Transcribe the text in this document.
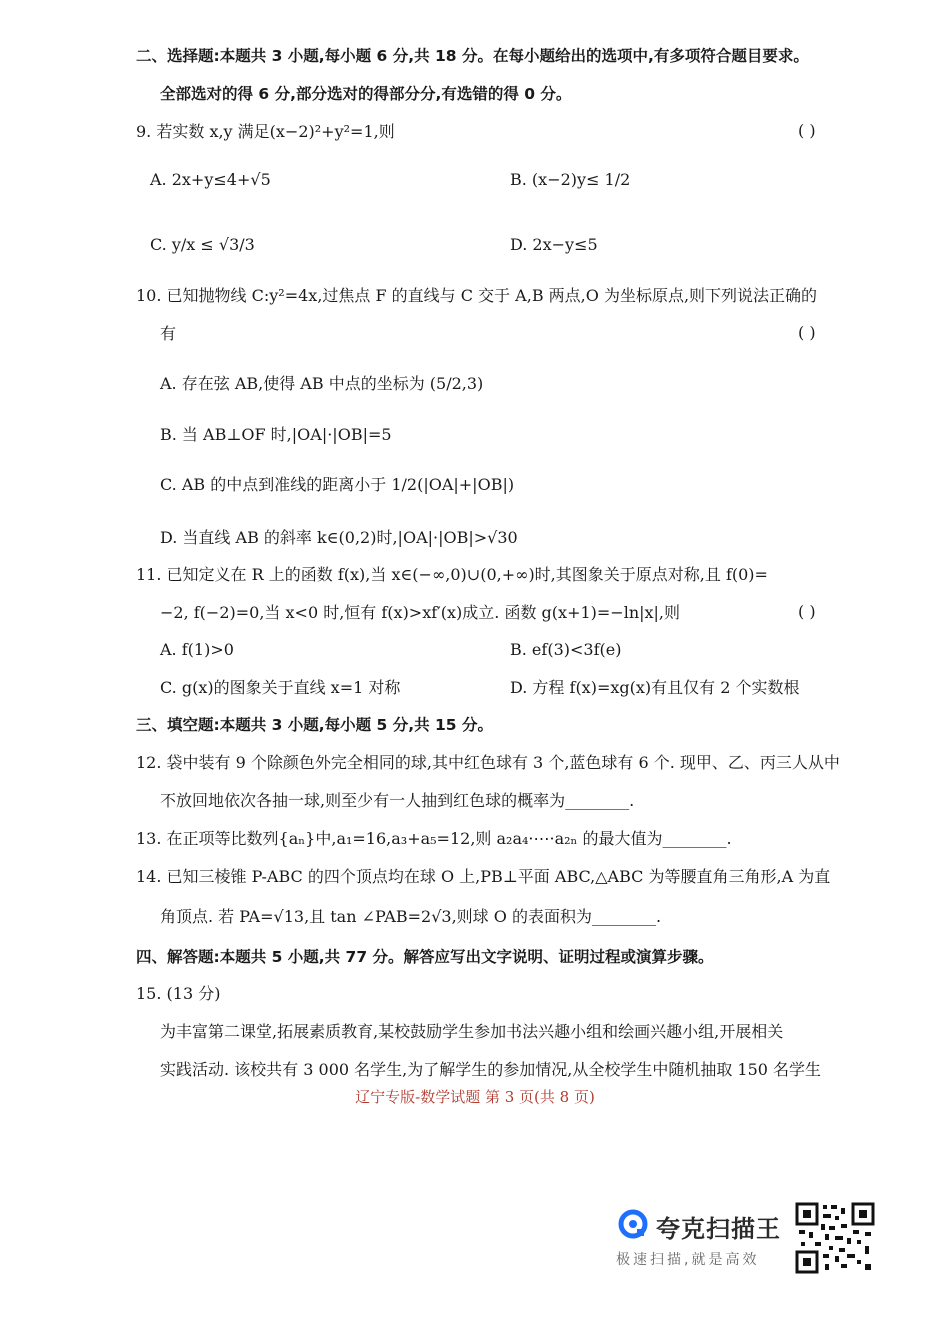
二、选择题:本题共 3 小题,每小题 6 分,共 18 分。在每小题给出的选项中,有多项符合题目要求。
全部选对的得 6 分,部分选对的得部分分,有选错的得 0 分。
9. 若实数 x,y 满足(x−2)²+y²=1,则	( )
A. 2x+y≤4+√5	B. (x−2)y≤ 1/2
C. y/x ≤ √3/3	D. 2x−y≤5
10. 已知抛物线 C:y²=4x,过焦点 F 的直线与 C 交于 A,B 两点,O 为坐标原点,则下列说法正确的
有	( )
A. 存在弦 AB,使得 AB 中点的坐标为 (5/2,3)
B. 当 AB⊥OF 时,|OA|·|OB|=5
C. AB 的中点到准线的距离小于 1/2(|OA|+|OB|)
D. 当直线 AB 的斜率 k∈(0,2)时,|OA|·|OB|>√30
11. 已知定义在 R 上的函数 f(x),当 x∈(−∞,0)∪(0,+∞)时,其图象关于原点对称,且 f(0)=
−2, f(−2)=0,当 x<0 时,恒有 f(x)>xf′(x)成立. 函数 g(x+1)=−ln|x|,则	( )
A. f(1)>0	B. ef(3)<3f(e)
C. g(x)的图象关于直线 x=1 对称	D. 方程 f(x)=xg(x)有且仅有 2 个实数根
三、填空题:本题共 3 小题,每小题 5 分,共 15 分。
12. 袋中装有 9 个除颜色外完全相同的球,其中红色球有 3 个,蓝色球有 6 个. 现甲、乙、丙三人从中
不放回地依次各抽一球,则至少有一人抽到红色球的概率为________.
13. 在正项等比数列{aₙ}中,a₁=16,a₃+a₅=12,则 a₂a₄·⋯·a₂ₙ 的最大值为________.
14. 已知三棱锥 P-ABC 的四个顶点均在球 O 上,PB⊥平面 ABC,△ABC 为等腰直角三角形,A 为直
角顶点. 若 PA=√13,且 tan ∠PAB=2√3,则球 O 的表面积为________.
四、解答题:本题共 5 小题,共 77 分。解答应写出文字说明、证明过程或演算步骤。
15. (13 分)
为丰富第二课堂,拓展素质教育,某校鼓励学生参加书法兴趣小组和绘画兴趣小组,开展相关
实践活动. 该校共有 3 000 名学生,为了解学生的参加情况,从全校学生中随机抽取 150 名学生
辽宁专版-数学试题 第 3 页(共 8 页)
夸克扫描王
极速扫描,就是高效
